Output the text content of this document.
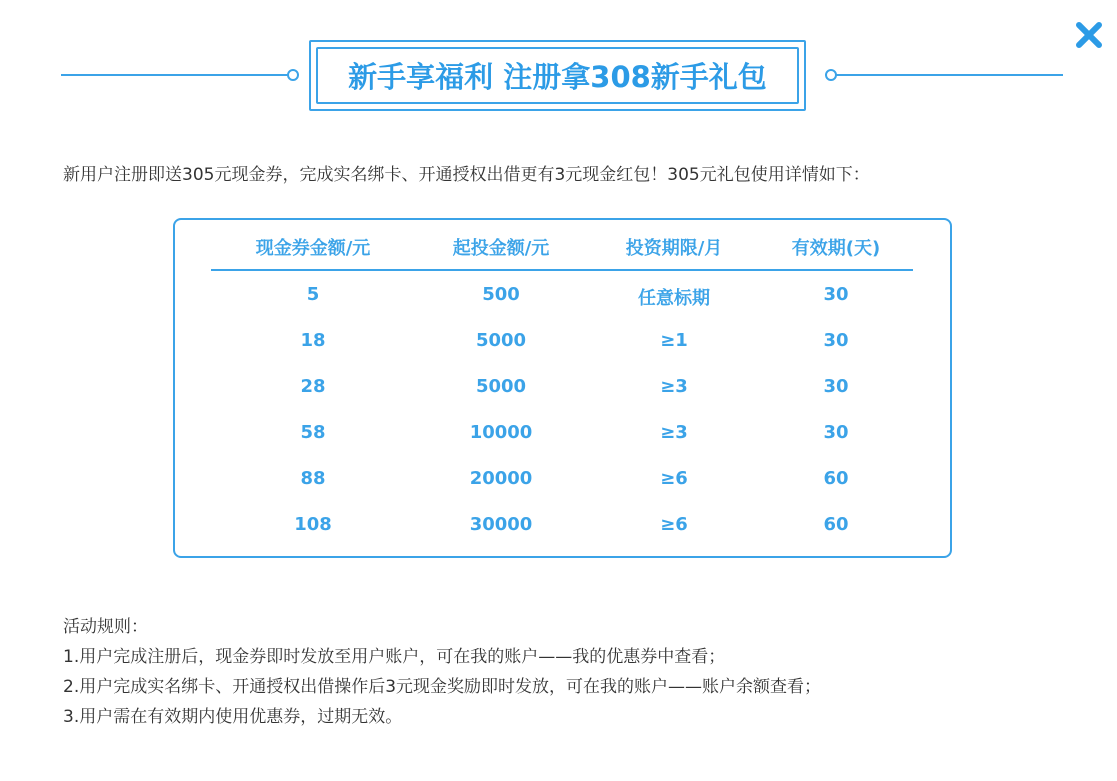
新手享福利 注册拿308新手礼包
新用户注册即送305元现金券，完成实名绑卡、开通授权出借更有3元现金红包！305元礼包使用详情如下：
现金券金额/元	起投金额/元	投资期限/月	有效期(天)
5	500	任意标期	30
18	5000	≥1	30
28	5000	≥3	30
58	10000	≥3	30
88	20000	≥6	60
108	30000	≥6	60
活动规则：
1.用户完成注册后，现金券即时发放至用户账户，可在我的账户——我的优惠券中查看；
2.用户完成实名绑卡、开通授权出借操作后3元现金奖励即时发放，可在我的账户——账户余额查看；
3.用户需在有效期内使用优惠券，过期无效。
